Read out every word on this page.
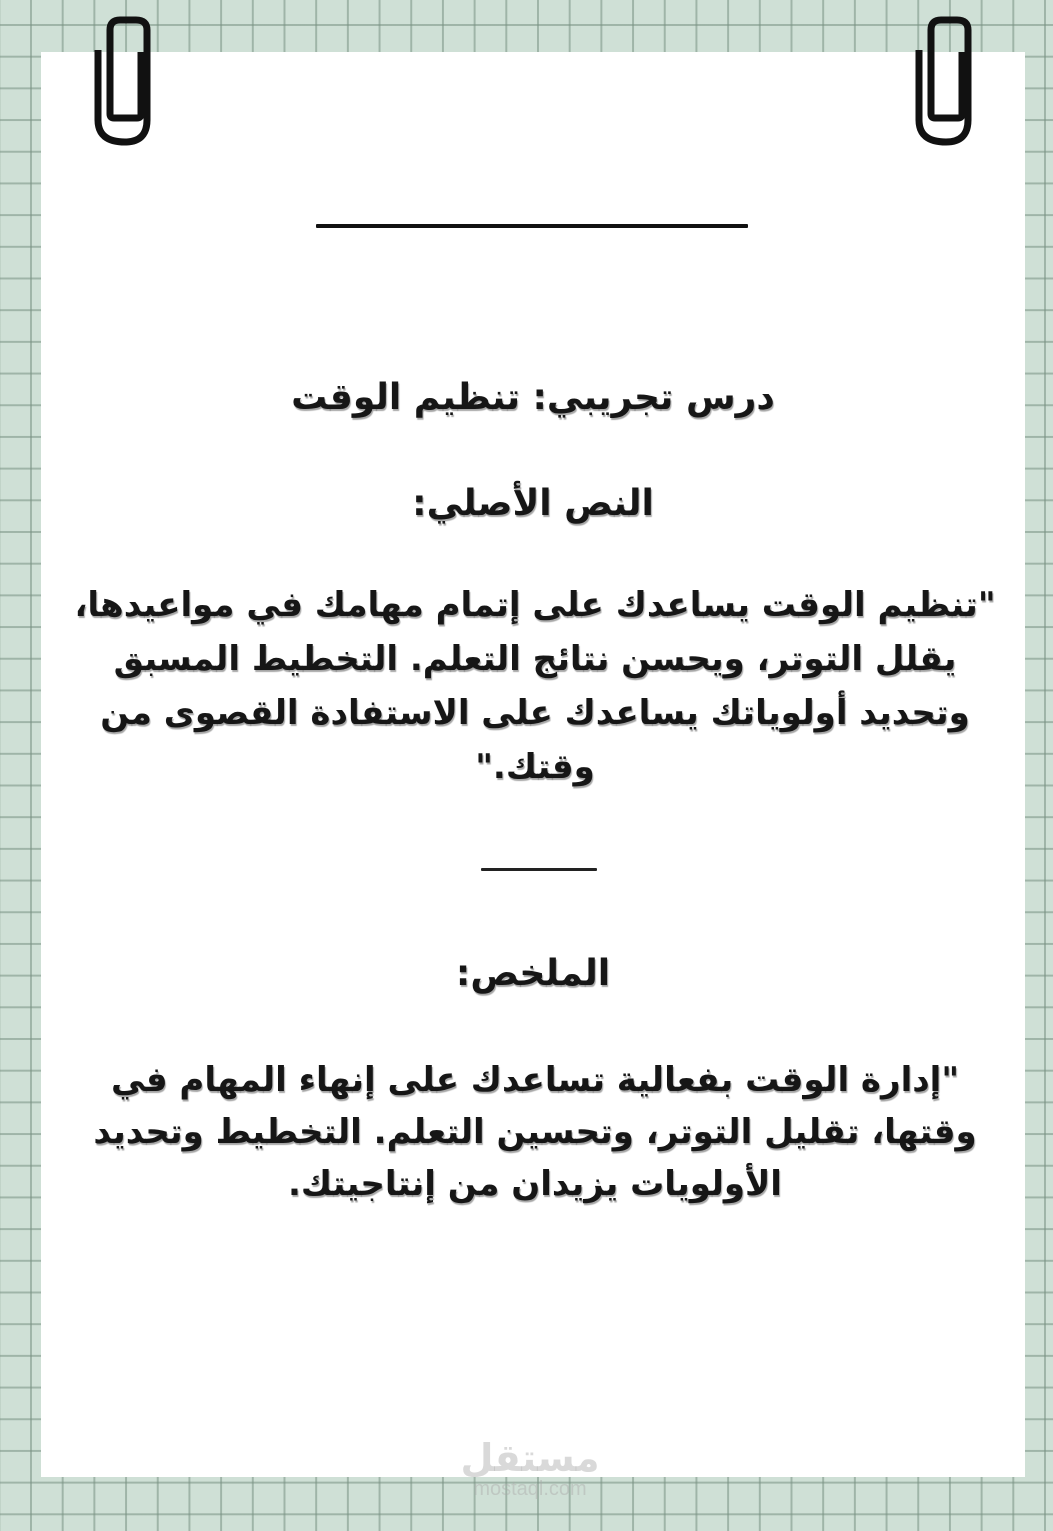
درس تجريبي: تنظيم الوقت
النص الأصلي:
"تنظيم الوقت يساعدك على إتمام مهامك في مواعيدها، يقلل التوتر، ويحسن نتائج التعلم. التخطيط المسبق وتحديد أولوياتك يساعدك على الاستفادة القصوى من وقتك."
الملخص:
"إدارة الوقت بفعالية تساعدك على إنهاء المهام في وقتها، تقليل التوتر، وتحسين التعلم. التخطيط وتحديد الأولويات يزيدان من إنتاجيتك.
مستقل
mostaql.com
